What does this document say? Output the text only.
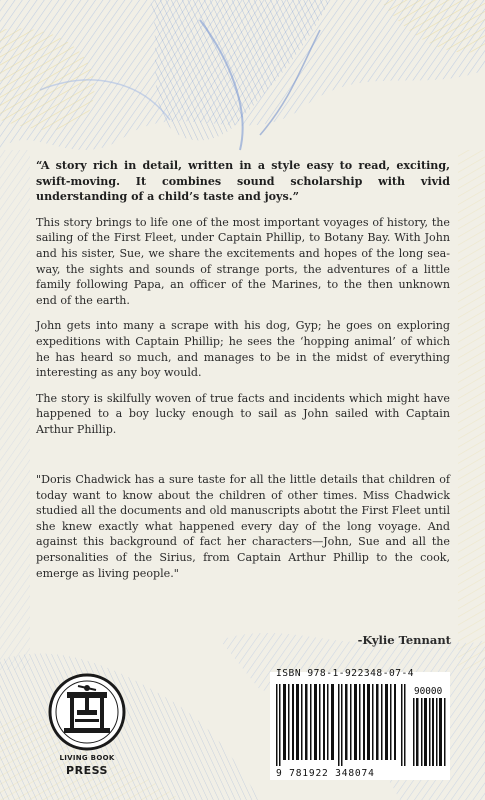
“A story rich in detail, written in a style easy to read, exciting, swift-moving. It combines sound scholarship with vivid understanding of a child’s taste and joys.”

This story brings to life one of the most important voyages of history, the sailing of the First Fleet, under Captain Phillip, to Botany Bay. With John and his sister, Sue, we share the excitements and hopes of the long sea-way, the sights and sounds of strange ports, the adventures of a little family following Papa, an officer of the Marines, to the then unknown end of the earth.

John gets into many a scrape with his dog, Gyp; he goes on exploring expeditions with Captain Phillip; he sees the ‘hopping animal’ of which he has heard so much, and manages to be in the midst of everything interesting as any boy would.

The story is skilfully woven of true facts and incidents which might have happened to a boy lucky enough to sail as John sailed with Captain Arthur Phillip.

"Doris Chadwick has a sure taste for all the little details that children of today want to know about the children of other times. Miss Chadwick studied all the documents and old manuscripts abotıt the First Fleet until she knew exactly what happened every day of the long voyage. And against this background of fact her characters—John, Sue and all the personalities of the Sirius, from Captain Arthur Phillip to the cook, emerge as living people."

-Kylie Tennant
LIVING BOOK
PRESS
ISBN 978-1-922348-07-4
90000
9 781922 348074
